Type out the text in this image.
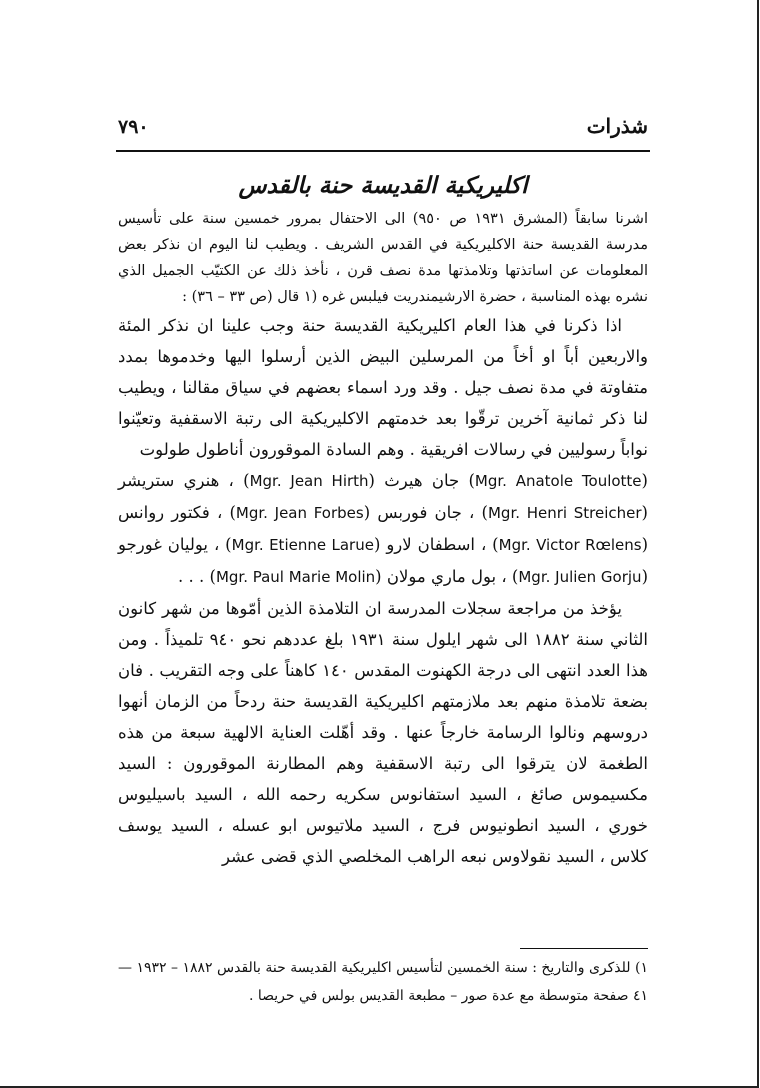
٧٩٠	شذرات
اكليريكية القديسة حنة بالقدس

اشرنا سابقاً (المشرق ١٩٣١ ص ٩٥٠) الى الاحتفال بمرور خمسين سنة على تأسيس مدرسة القديسة حنة الاكليريكية في القدس الشريف . ويطيب لنا اليوم ان نذكر بعض المعلومات عن اساتذتها وتلامذتها مدة نصف قرن ، نأخذ ذلك عن الكتيّب الجميل الذي نشره بهذه المناسبة ، حضرة الارشيمندريت فيلبس غره (١ قال (ص ٣٣ – ٣٦) :

اذا ذكرنا في هذا العام اكليريكية القديسة حنة وجب علينا ان نذكر المئة والاربعين أباً او أخاً من المرسلين البيض الذين أرسلوا اليها وخدموها بمدد متفاوتة في مدة نصف جيل . وقد ورد اسماء بعضهم في سياق مقالنا ، ويطيب لنا ذكر ثمانية آخرين ترقّوا بعد خدمتهم الاكليريكية الى رتبة الاسقفية وتعيّنوا نواباً رسوليين في رسالات افريقية . وهم السادة الموقورون أناطول طولوت

(Mgr. Anatole Toulotte) جان هيرث (Mgr. Jean Hirth) ، هنري ستريشر (Mgr. Henri Streicher) ، جان فوربس (Mgr. Jean Forbes) ، فكتور روانس (Mgr. Victor Rœlens) ، اسطفان لارو (Mgr. Etienne Larue) ، يوليان غورجو (Mgr. Julien Gorju) ، بول ماري مولان (Mgr. Paul Marie Molin) . . .

يؤخذ من مراجعة سجلات المدرسة ان التلامذة الذين أمّوها من شهر كانون الثاني سنة ١٨٨٢ الى شهر ايلول سنة ١٩٣١ بلغ عددهم نحو ٩٤٠ تلميذاً . ومن هذا العدد انتهى الى درجة الكهنوت المقدس ١٤٠ كاهناً على وجه التقريب . فان بضعة تلامذة منهم بعد ملازمتهم اكليريكية القديسة حنة ردحاً من الزمان أنهوا دروسهم ونالوا الرسامة خارجاً عنها . وقد أهّلت العناية الالهية سبعة من هذه الطغمة لان يترقوا الى رتبة الاسقفية وهم المطارنة الموقورون : السيد مكسيموس صائغ ، السيد استفانوس سكريه رحمه الله ، السيد باسيليوس خوري ، السيد انطونيوس فرج ، السيد ملاتيوس ابو عسله ، السيد يوسف كلاس ، السيد نقولاوس نبعه الراهب المخلصي الذي قضى عشر

١) للذكرى والتاريخ : سنة الخمسين لتأسيس اكليريكية القديسة حنة بالقدس ١٨٨٢ – ١٩٣٢ — ٤١ صفحة متوسطة مع عدة صور – مطبعة القديس بولس في حريصا .
